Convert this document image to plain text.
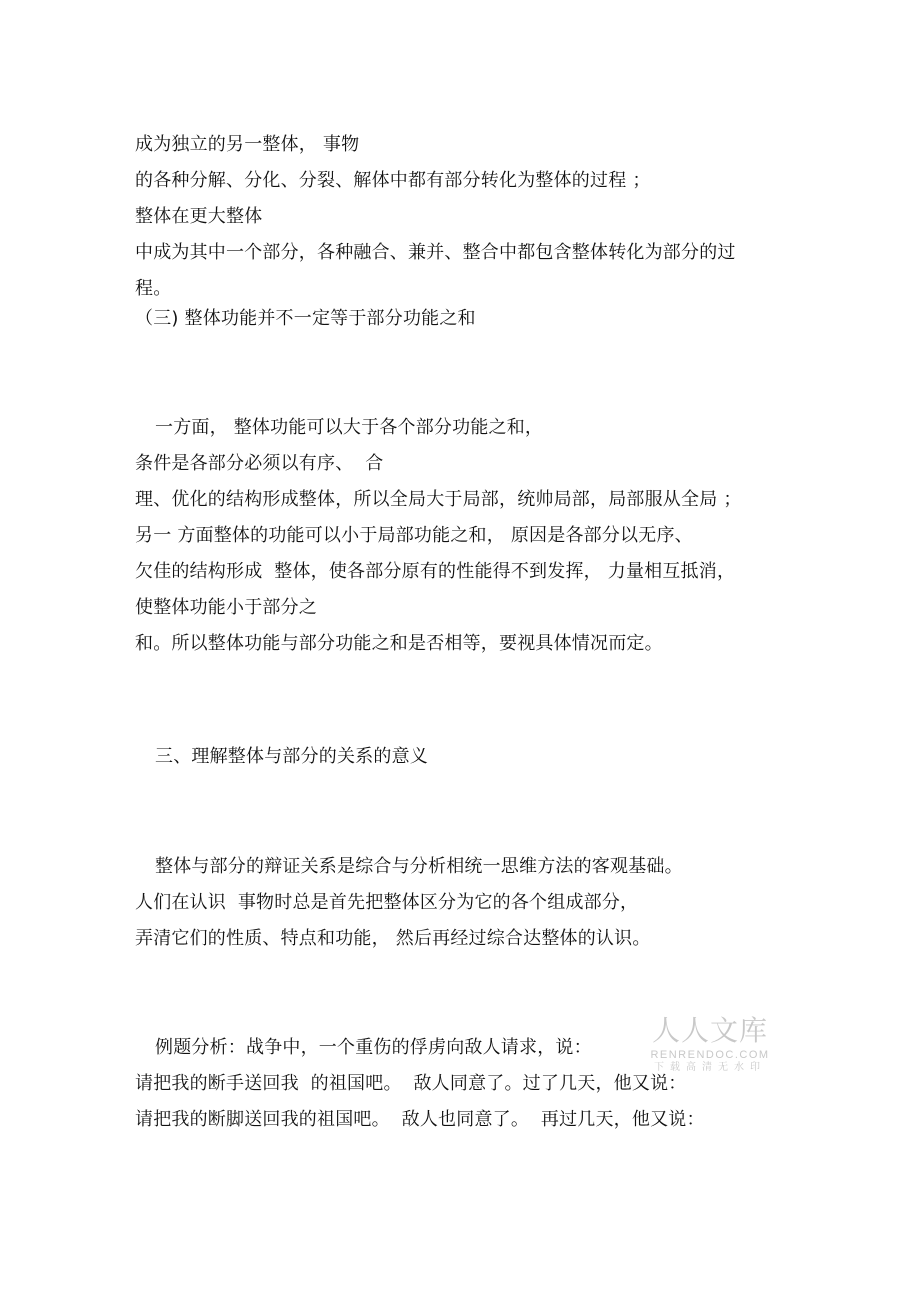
成为独立的另一整体， 事物
的各种分解、分化、分裂、解体中都有部分转化为整体的过程 ；
整体在更大整体
中成为其中一个部分，各种融合、兼并、整合中都包含整体转化为部分的过
程。
（三) 整体功能并不一定等于部分功能之和
一方面， 整体功能可以大于各个部分功能之和，
条件是各部分必须以有序、  合
理、优化的结构形成整体，所以全局大于局部，统帅局部，局部服从全局 ；
另一 方面整体的功能可以小于局部功能之和， 原因是各部分以无序、
欠佳的结构形成  整体，使各部分原有的性能得不到发挥， 力量相互抵消，
使整体功能小于部分之
和。所以整体功能与部分功能之和是否相等，要视具体情况而定。
三、理解整体与部分的关系的意义
整体与部分的辩证关系是综合与分析相统一思维方法的客观基础。
人们在认识  事物时总是首先把整体区分为它的各个组成部分，
弄清它们的性质、特点和功能， 然后再经过综合达整体的认识。
例题分析：战争中，一个重伤的俘虏向敌人请求，说：
请把我的断手送回我  的祖国吧。  敌人同意了。过了几天，他又说：
请把我的断脚送回我的祖国吧。  敌人也同意了。  再过几天，他又说：
人人文库
RENRENDOC.COM
下载高清无水印
